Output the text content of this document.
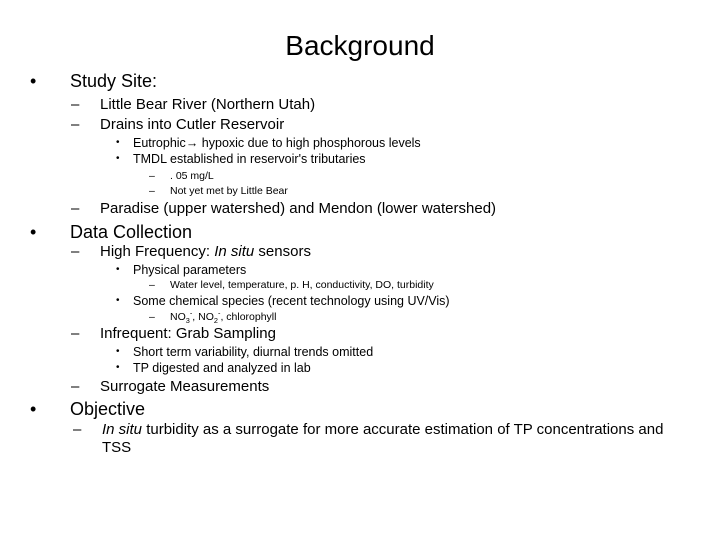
Background
• Study Site:
– Little Bear River (Northern Utah)
– Drains into Cutler Reservoir
• Eutrophic→ hypoxic due to high phosphorous levels
• TMDL established in reservoir's tributaries
– . 05 mg/L
– Not yet met by Little Bear
– Paradise (upper watershed) and Mendon (lower watershed)
• Data Collection
– High Frequency: In situ sensors
• Physical parameters
– Water level, temperature, p. H, conductivity, DO, turbidity
• Some chemical species (recent technology using UV/Vis)
– $NO_3^-$, $NO_2^-$, chlorophyll
– Infrequent: Grab Sampling
• Short term variability, diurnal trends omitted
• TP digested and analyzed in lab
– Surrogate Measurements
• Objective
– In situ turbidity as a surrogate for more accurate estimation of TP concentrations and TSS
